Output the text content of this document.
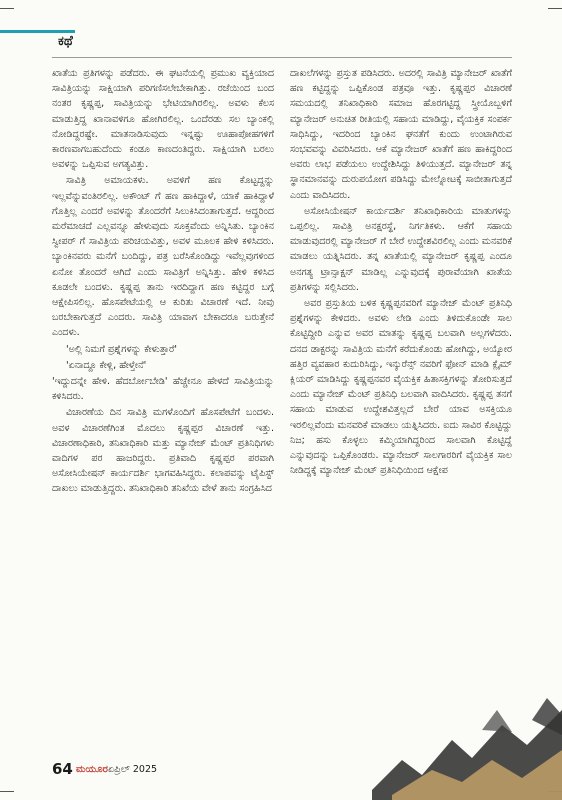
ಕಥೆ

ಖಾತೆಯ ಪ್ರತಿಗಳನ್ನು ಪಡೆದರು. ಈ ಘಟನೆಯಲ್ಲಿ ಪ್ರಮುಖ ವ್ಯಕ್ತಿಯಾದ ಸಾವಿತ್ರಿಯನ್ನು ಸಾಕ್ಷಿಯಾಗಿ ಪರಿಗಣಿಸಲೇಬೇಕಾಗಿತ್ತು. ರಜೆಯಿಂದ ಬಂದ ನಂತರ ಕೃಷ್ಣಪ್ಪ, ಸಾವಿತ್ರಿಯನ್ನು ಭೇಟಿಯಾಗಿರಲಿಲ್ಲ. ಅವಳು ಕೆಲಸ ಮಾಡುತ್ತಿದ್ದ ಖಾನಾವಳಿಗೂ ಹೋಗಿರಲಿಲ್ಲ. ಒಂದೆರಡು ಸಲ ಬ್ಯಾಂಕಲ್ಲಿ ನೋಡಿದ್ದರಷ್ಟೇ. ಮಾತನಾಡಿಸುವುದು ಇನ್ನಷ್ಟು ಊಹಾಪೋಹಗಳಿಗೆ ಕಾರಣವಾಗಬಹುದೆಂದು ಕಂಡೂ ಕಾಣದಂತಿದ್ದರು. ಸಾಕ್ಷಿಯಾಗಿ ಬರಲು ಅವಳನ್ನು ಒಪ್ಪಿಸುವ ಅಗತ್ಯವಿತ್ತು.

ಸಾವಿತ್ರಿ ಅಮಾಯಕಳು. ಅವಳಿಗೆ ಹಣ ಕೊಟ್ಟದ್ದನ್ನು ಇಲ್ಲವೆನ್ನುವಂತಿರಲಿಲ್ಲ. ಅಕೌಂಟ್ ಗೆ ಹಣ ಹಾಕಿದ್ದಾಳೆ, ಯಾಕೆ ಹಾಕಿದ್ದಾಳೆ ಗೊತ್ತಿಲ್ಲ ಎಂದರೆ ಅವಳನ್ನು ತೊಂದರೆಗೆ ಸಿಲುಕಿಸಿದಂತಾಗುತ್ತದೆ. ಆದ್ದರಿಂದ ಮರೆಮಾಚದೆ ಎಲ್ಲವನ್ನೂ ಹೇಳುವುದು ಸೂಕ್ತವೆಂದು ಅನ್ನಿಸಿತು. ಬ್ಯಾಂಕಿನ ಸ್ವೀಪರ್ ಗೆ ಸಾವಿತ್ರಿಯ ಪರಿಚಯವಿತ್ತು, ಅವಳ ಮೂಲಕ ಹೇಳಿ ಕಳಿಸಿದರು. ಬ್ಯಾಂಕಿನವರು ಮನೆಗೆ ಬಂದಿದ್ದು, ಪತ್ರ ಬರೆಸಿಕೊಂಡಿದ್ದು ಇವೆಲ್ಲವುಗಳಿಂದ ಏನೋ ತೊಂದರೆ ಆಗಿದೆ ಎಂದು ಸಾವಿತ್ರಿಗೆ ಅನ್ನಿಸಿತ್ತು. ಹೇಳಿ ಕಳಿಸಿದ ಕೂಡಲೇ ಬಂದಳು. ಕೃಷ್ಣಪ್ಪ ತಾನು ಇರದಿದ್ದಾಗ ಹಣ ಕಟ್ಟಿದ್ದರ ಬಗ್ಗೆ ಆಕ್ಷೇಪಿಸಲಿಲ್ಲ. ಹೊಸಪೇಟೆಯಲ್ಲಿ ಆ ಕುರಿತು ವಿಚಾರಣೆ ಇದೆ. ನೀವು ಬರಬೇಕಾಗುತ್ತದೆ ಎಂದರು. ಸಾವಿತ್ರಿ ಯಾವಾಗ ಬೇಕಾದರೂ ಬರುತ್ತೇನೆ ಎಂದಳು.

'ಅಲ್ಲಿ ನಿಮಗೆ ಪ್ರಶ್ನೆಗಳನ್ನು ಕೇಳುತ್ತಾರೆ'

'ಏನಾದ್ದೂ ಕೇಳ್ಲಿ, ಹೇಳ್ತೇನೆ'

'ಇದ್ದುದನ್ನೇ ಹೇಳಿ. ಹೆದರ್ಬೋಬೇಡಿ' ಹೆಚ್ಚೇನೂ ಹೇಳದೆ ಸಾವಿತ್ರಿಯನ್ನು ಕಳಿಸಿದರು.

ವಿಚಾರಣೆಯ ದಿನ ಸಾವಿತ್ರಿ ಮಗಳೊಂದಿಗೆ ಹೊಸಪೇಟೆಗೆ ಬಂದಳು. ಅವಳ ವಿಚಾರಣೆಗಿಂತ ಮೊದಲು ಕೃಷ್ಣಪ್ಪರ ವಿಚಾರಣೆ ಇತ್ತು. ವಿಚಾರಣಾಧಿಕಾರಿ, ತನಿಖಾಧಿಕಾರಿ ಮತ್ತು ಮ್ಯಾನೇಜ್ ಮೆಂಟ್ ಪ್ರತಿನಿಧಿಗಳು ವಾದಿಗಳ ಪರ ಹಾಜರಿದ್ದರು. ಪ್ರತಿವಾದಿ ಕೃಷ್ಣಪ್ಪರ ಪರವಾಗಿ ಅಸೋಸಿಯೇಷನ್ ಕಾರ್ಯದರ್ಶಿ ಭಾಗವಹಿಸಿದ್ದರು. ಕಲಾಪವನ್ನು ಟೈಪಿಸ್ಟ್ ದಾಖಲು ಮಾಡುತ್ತಿದ್ದರು. ತನಿಖಾಧಿಕಾರಿ ತನಿಖೆಯ ವೇಳೆ ತಾನು ಸಂಗ್ರಹಿಸಿದ

ದಾಖಲೆಗಳನ್ನು ಪ್ರಸ್ತುತ ಪಡಿಸಿದರು. ಅದರಲ್ಲಿ ಸಾವಿತ್ರಿ ಮ್ಯಾನೇಜರ್ ಖಾತೆಗೆ ಹಣ ಕಟ್ಟಿದ್ದನ್ನು ಒಪ್ಪಿಕೊಂಡ ಪತ್ರವೂ ಇತ್ತು. ಕೃಷ್ಣಪ್ಪರ ವಿಚಾರಣೆ ಸಮಯದಲ್ಲಿ ತನಿಖಾಧಿಕಾರಿ ಸಮಾಜ ಹೊರಗಟ್ಟಿದ್ದ ಸ್ತ್ರೀಯೊಬ್ಬಳಿಗೆ ಮ್ಯಾನೇಜರ್ ಅನುಚಿತ ರೀತಿಯಲ್ಲಿ ಸಹಾಯ ಮಾಡಿದ್ದು, ವೈಯಕ್ತಿಕ ಸಂಪರ್ಕ ಸಾಧಿಸಿದ್ದು, ಇದರಿಂದ ಬ್ಯಾಂಕಿನ ಘನತೆಗೆ ಕುಂದು ಉಂಟಾಗಿರುವ ಸಂಭವವನ್ನು ವಿವರಿಸಿದರು. ಆಕೆ ಮ್ಯಾನೇಜರ್ ಖಾತೆಗೆ ಹಣ ಹಾಕಿದ್ದರಿಂದ ಅವರು ಲಾಭ ಪಡೆಯಲು ಉದ್ದೇಶಿಸಿದ್ದು ತಿಳಿಯುತ್ತದೆ. ಮ್ಯಾನೇಜರ್ ತನ್ನ ಸ್ಥಾನಮಾನವನ್ನು ದುರುಪಯೋಗ ಪಡಿಸಿದ್ದು ಮೇಲ್ನೋಟಕ್ಕೆ ಸಾಬೀತಾಗುತ್ತದೆ ಎಂದು ವಾದಿಸಿದರು.

ಅಸೋಸಿಯೇಷನ್ ಕಾರ್ಯದರ್ಶಿ ತನಿಖಾಧಿಕಾರಿಯ ಮಾತುಗಳನ್ನು ಒಪ್ಪಲಿಲ್ಲ. ಸಾವಿತ್ರಿ ಅನಕ್ಷರಸ್ಥೆ, ನಿರ್ಗತಿಕಳು. ಆಕೆಗೆ ಸಹಾಯ ಮಾಡುವುದರಲ್ಲಿ ಮ್ಯಾನೇಜರ್ ಗೆ ಬೇರೆ ಉದ್ದೇಶವಿರಲಿಲ್ಲ ಎಂದು ಮನವರಿಕೆ ಮಾಡಲು ಯತ್ನಿಸಿದರು. ತನ್ನ ಖಾತೆಯಲ್ಲಿ ಮ್ಯಾನೇಜರ್ ಕೃಷ್ಣಪ್ಪ ಎಂದೂ ಅನಗತ್ಯ ಟ್ರಾನ್ಸಾಕ್ಷನ್ ಮಾಡಿಲ್ಲ ಎನ್ನುವುದಕ್ಕೆ ಪುರಾವೆಯಾಗಿ ಖಾತೆಯ ಪ್ರತಿಗಳನ್ನು ಸಲ್ಲಿಸಿದರು.

ಅವರ ಪ್ರಸ್ತುತಿಯ ಬಳಿಕ ಕೃಷ್ಣಪ್ಪನವರಿಗೆ ಮ್ಯಾನೇಜ್ ಮೆಂಟ್ ಪ್ರತಿನಿಧಿ ಪ್ರಶ್ನೆಗಳನ್ನು ಕೇಳಿದರು. ಅವಳು ಲೇಡಿ ಎಂದು ತಿಳಿದುಕೊಂಡೇ ಸಾಲ ಕೊಟ್ಟಿದ್ದೀರಿ ಎನ್ನುವ ಅವರ ಮಾತನ್ನು ಕೃಷ್ಣಪ್ಪ ಬಲವಾಗಿ ಅಲ್ಲಗಳೆದರು. ದನದ ಡಾಕ್ಟರನ್ನು ಸಾವಿತ್ರಿಯ ಮನೆಗೆ ಕರೆದುಕೊಂಡು ಹೋಗಿದ್ದು, ಅಯ್ಯೋರ ಹತ್ತಿರ ವ್ಯವಹಾರ ಕುದುರಿಸಿದ್ದು, ಇನ್ಶುರೆನ್ಸ್ ನವರಿಗೆ ಫೋನ್ ಮಾಡಿ ಕ್ಲೈಮ್ ಕ್ಲಿಯರ್ ಮಾಡಿಸಿದ್ದು ಕೃಷ್ಣಪ್ಪನವರ ವೈಯಕ್ತಿಕ ಹಿತಾಸಕ್ತಿಗಳನ್ನು ತೋರಿಸುತ್ತದೆ ಎಂದು ಮ್ಯಾನೇಜ್ ಮೆಂಟ್ ಪ್ರತಿನಿಧಿ ಬಲವಾಗಿ ವಾದಿಸಿದರು. ಕೃಷ್ಣಪ್ಪ ತನಗೆ ಸಹಾಯ ಮಾಡುವ ಉದ್ದೇಶವಿತ್ತಲ್ಲದೆ ಬೇರೆ ಯಾವ ಅಸಕ್ತಿಯೂ ಇರಲಿಲ್ಲವೆಂದು ಮನವರಿಕೆ ಮಾಡಲು ಯತ್ನಿಸಿದರು. ಐದು ಸಾವಿರ ಕೊಟ್ಟಿದ್ದು ನಿಜ; ಹಸು ಕೊಳ್ಳಲು ಕಮ್ಮಿಯಾಗಿದ್ದರಿಂದ ಸಾಲವಾಗಿ ಕೊಟ್ಟಿದ್ದೆ ಎನ್ನುವುದನ್ನು ಒಪ್ಪಿಕೊಂಡರು. ಮ್ಯಾನೇಜರ್ ಸಾಲಗಾರರಿಗೆ ವೈಯಕ್ತಿಕ ಸಾಲ ನೀಡಿದ್ದಕ್ಕೆ ಮ್ಯಾನೇಜ್ ಮೆಂಟ್ ಪ್ರತಿನಿಧಿಯಿಂದ ಆಕ್ಷೇಪ

64 ಮಯೂರ ಏಪ್ರಿಲ್ 2025
